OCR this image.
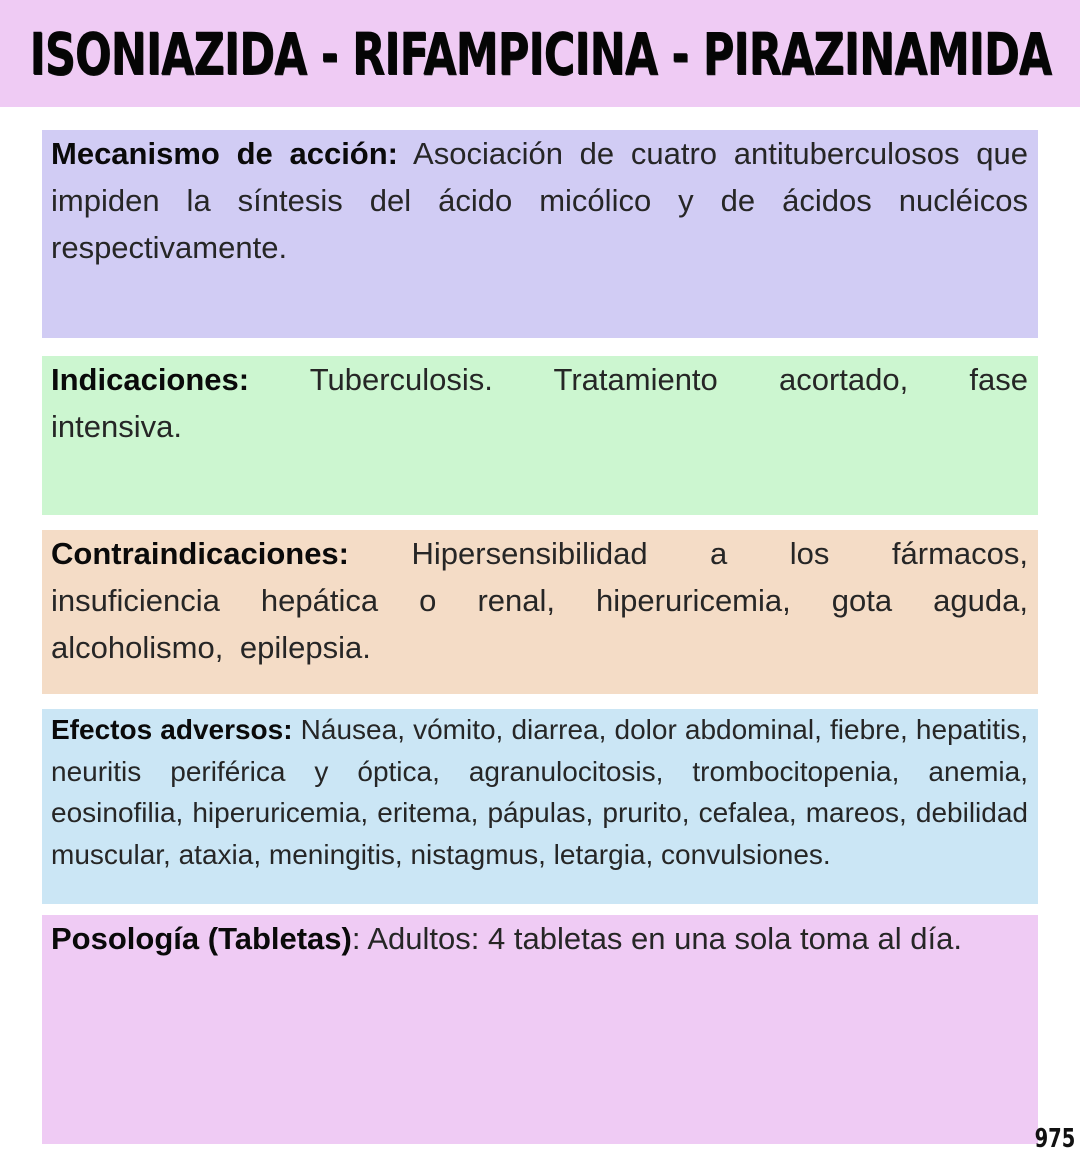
ISONIAZIDA - RIFAMPICINA - PIRAZINAMIDA
Mecanismo de acción: Asociación de cuatro antituberculosos que impiden la síntesis del ácido micólico y de ácidos nucléicos respectivamente.
Indicaciones: Tuberculosis. Tratamiento acortado, fase intensiva.
Contraindicaciones: Hipersensibilidad a los fármacos, insuficiencia hepática o renal, hiperuricemia, gota aguda, alcoholismo, epilepsia.
Efectos adversos: Náusea, vómito, diarrea, dolor abdominal, fiebre, hepatitis, neuritis periférica y óptica, agranulocitosis, trombocitopenia, anemia, eosinofilia, hiperuricemia, eritema, pápulas, prurito, cefalea, mareos, debilidad muscular, ataxia, meningitis, nistagmus, letargia, convulsiones.
Posología (Tabletas): Adultos: 4 tabletas en una sola toma al día.
975
